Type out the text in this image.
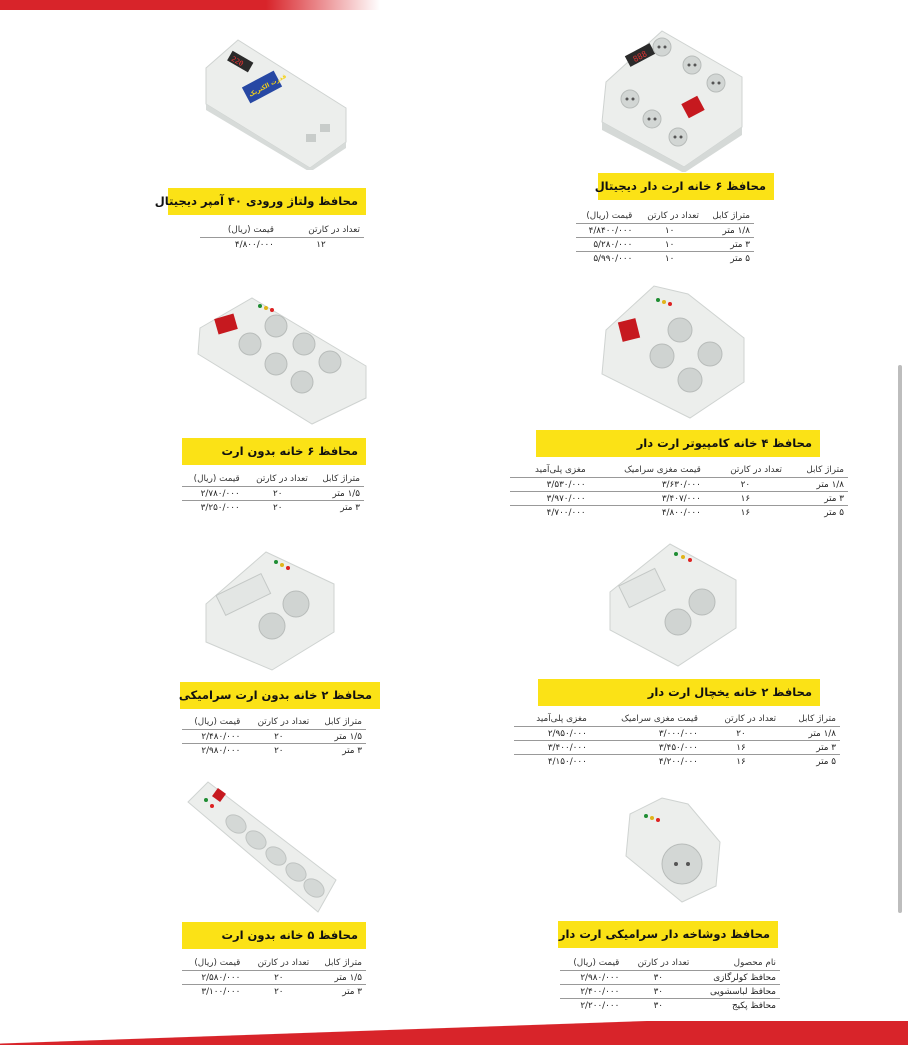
888
220
قدرت الکتریک
محافظ ۶ خانه ارت دار دیجیتال
متراژ کابل	تعداد در کارتن	قیمت (ریال)
۱/۸ متر	۱۰	۴/۸۴۰۰/۰۰۰
۳ متر	۱۰	۵/۲۸۰/۰۰۰
۵ متر	۱۰	۵/۹۹۰/۰۰۰
محافظ ولتاژ ورودی ۴۰ آمپر دیجیتال
تعداد در کارتن	قیمت (ریال)
۱۲	۴/۸۰۰/۰۰۰
محافظ ۴ خانه کامپیوتر ارت دار
متراژ کابل	تعداد در کارتن	قیمت مغزی سرامیک	مغزی پلی‌آمید
۱/۸ متر	۲۰	۳/۶۳۰/۰۰۰	۳/۵۳۰/۰۰۰
۳ متر	۱۶	۳/۴۰۷/۰۰۰	۳/۹۷۰/۰۰۰
۵ متر	۱۶	۴/۸۰۰/۰۰۰	۴/۷۰۰/۰۰۰
محافظ ۶ خانه بدون ارت
متراژ کابل	تعداد در کارتن	قیمت (ریال)
۱/۵ متر	۲۰	۲/۷۸۰/۰۰۰
۳ متر	۲۰	۳/۲۵۰/۰۰۰
محافظ ۲ خانه یخچال ارت دار
متراژ کابل	تعداد در کارتن	قیمت مغزی سرامیک	مغزی پلی‌آمید
۱/۸ متر	۲۰	۳/۰۰۰/۰۰۰	۲/۹۵۰/۰۰۰
۳ متر	۱۶	۳/۴۵۰/۰۰۰	۳/۴۰۰/۰۰۰
۵ متر	۱۶	۴/۲۰۰/۰۰۰	۴/۱۵۰/۰۰۰
محافظ ۲ خانه بدون ارت سرامیکی
متراژ کابل	تعداد در کارتن	قیمت (ریال)
۱/۵ متر	۲۰	۲/۴۸۰/۰۰۰
۳ متر	۲۰	۲/۹۸۰/۰۰۰
محافظ ۵ خانه بدون ارت
متراژ کابل	تعداد در کارتن	قیمت (ریال)
۱/۵ متر	۲۰	۲/۵۸۰/۰۰۰
۳ متر	۲۰	۳/۱۰۰/۰۰۰
محافظ دوشاخه دار سرامیکی ارت دار
نام محصول	تعداد در کارتن	قیمت (ریال)
محافظ کولرگازی	۳۰	۲/۹۸۰/۰۰۰
محافظ لباسشویی	۳۰	۲/۴۰۰/۰۰۰
محافظ پکیج	۳۰	۲/۲۰۰/۰۰۰
